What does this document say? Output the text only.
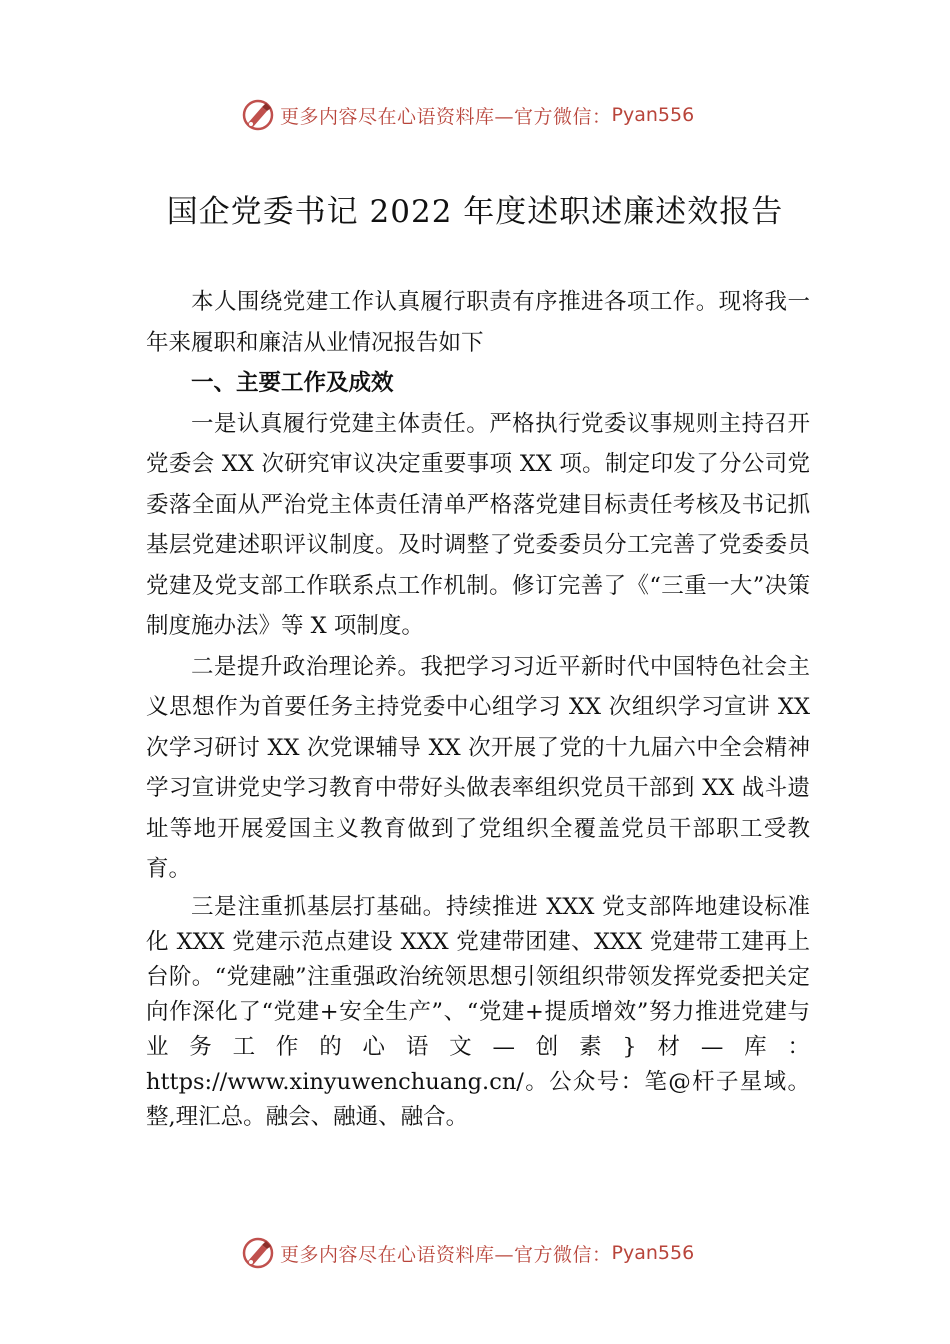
更多内容尽在心语资料库—官方微信： Pyan556
国企党委书记 2022 年度述职述廉述效报告

本人围绕党建工作认真履行职责有序推进各项工作。现将我一年来履职和廉洁从业情况报告如下

一、主要工作及成效

一是认真履行党建主体责任。严格执行党委议事规则主持召开党委会 XX 次研究审议决定重要事项 XX 项。制定印发了分公司党委落全面从严治党主体责任清单严格落党建目标责任考核及书记抓基层党建述职评议制度。及时调整了党委委员分工完善了党委委员党建及党支部工作联系点工作机制。修订完善了《“三重一大”决策制度施办法》等 X 项制度。

二是提升政治理论养。我把学习习近平新时代中国特色社会主义思想作为首要任务主持党委中心组学习 XX 次组织学习宣讲 XX 次学习研讨 XX 次党课辅导 XX 次开展了党的十九届六中全会精神学习宣讲党史学习教育中带好头做表率组织党员干部到 XX 战斗遗址等地开展爱国主义教育做到了党组织全覆盖党员干部职工受教育。

三是注重抓基层打基础。持续推进 XXX 党支部阵地建设标准化 XXX 党建示范点建设 XXX 党建带团建、XXX 党建带工建再上台阶。“党建融”注重强政治统领思想引领组织带领发挥党委把关定向作深化了“党建+安全生产”、“党建+提质增效”努力推进党建与业务工作的心语文—创素}材—库：https://www.xinyuwenchuang.cn/。公众号：笔@杆子星域。整,理汇总。融会、融通、融合。

更多内容尽在心语资料库—官方微信： Pyan556
